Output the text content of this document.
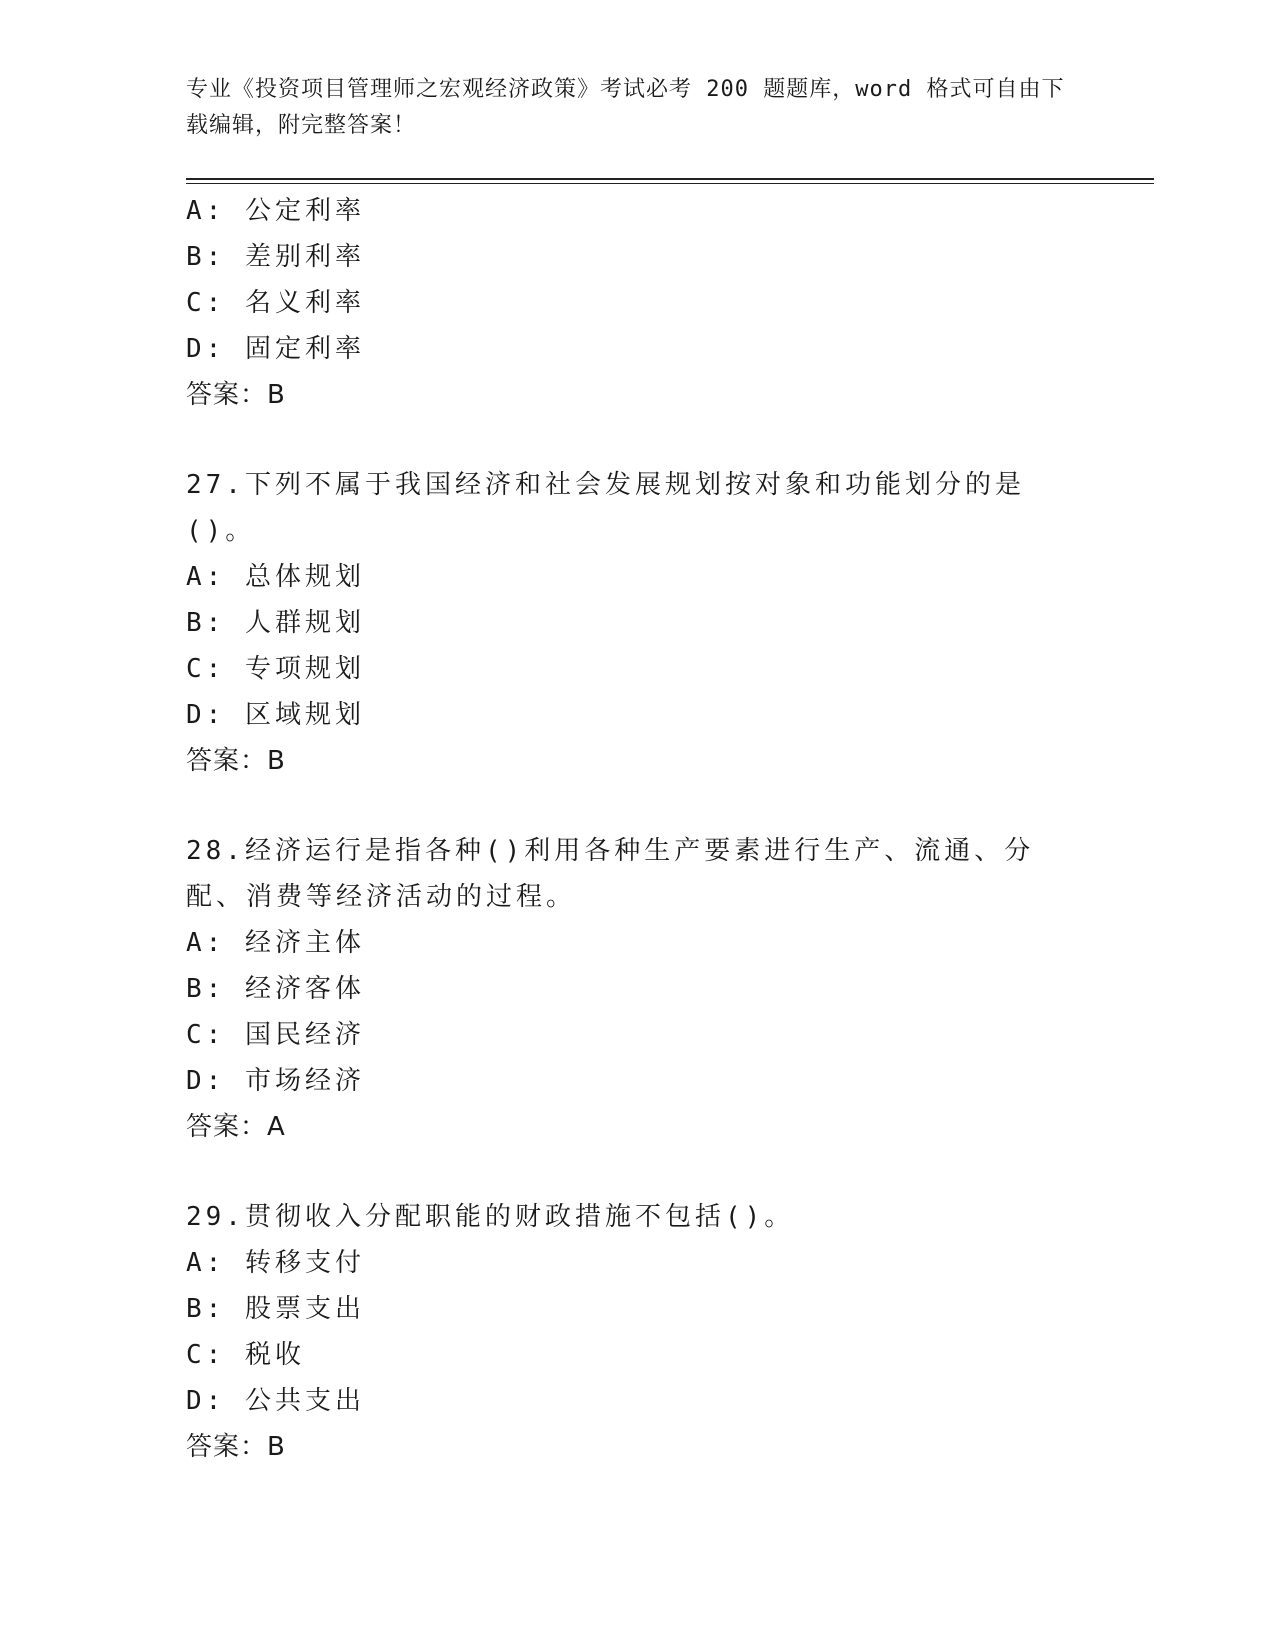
专业《投资项目管理师之宏观经济政策》考试必考 200 题题库，word 格式可自由下载编辑，附完整答案！
A: 公定利率
B: 差别利率
C: 名义利率
D: 固定利率
答案：B
27.下列不属于我国经济和社会发展规划按对象和功能划分的是()。
A: 总体规划
B: 人群规划
C: 专项规划
D: 区域规划
答案：B
28.经济运行是指各种()利用各种生产要素进行生产、流通、分配、消费等经济活动的过程。
A: 经济主体
B: 经济客体
C: 国民经济
D: 市场经济
答案：A
29.贯彻收入分配职能的财政措施不包括()。
A: 转移支付
B: 股票支出
C: 税收
D: 公共支出
答案：B
